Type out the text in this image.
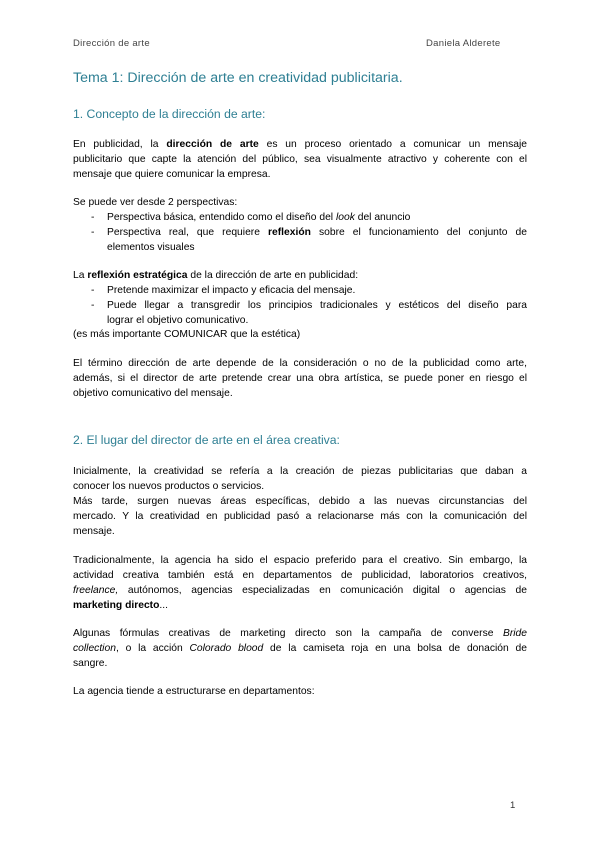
Dirección de arte	Daniela Alderete
Tema 1: Dirección de arte en creatividad publicitaria.
1. Concepto de la dirección de arte:
En publicidad, la dirección de arte es un proceso orientado a comunicar un mensaje
publicitario que capte la atención del público, sea visualmente atractivo y coherente con el
mensaje que quiere comunicar la empresa.
Se puede ver desde 2 perspectivas:
- Perspectiva básica, entendido como el diseño del look del anuncio
- Perspectiva real, que requiere reflexión sobre el funcionamiento del conjunto de
elementos visuales
La reflexión estratégica de la dirección de arte en publicidad:
- Pretende maximizar el impacto y eficacia del mensaje.
- Puede llegar a transgredir los principios tradicionales y estéticos del diseño para
lograr el objetivo comunicativo.
(es más importante COMUNICAR que la estética)
El término dirección de arte depende de la consideración o no de la publicidad como arte,
además, si el director de arte pretende crear una obra artística, se puede poner en riesgo el
objetivo comunicativo del mensaje.
2. El lugar del director de arte en el área creativa:
Inicialmente, la creatividad se refería a la creación de piezas publicitarias que daban a
conocer los nuevos productos o servicios.
Más tarde, surgen nuevas áreas específicas, debido a las nuevas circunstancias del
mercado. Y la creatividad en publicidad pasó a relacionarse más con la comunicación del
mensaje.
Tradicionalmente, la agencia ha sido el espacio preferido para el creativo. Sin embargo, la
actividad creativa también está en departamentos de publicidad, laboratorios creativos,
freelance, autónomos, agencias especializadas en comunicación digital o agencias de
marketing directo...
Algunas fórmulas creativas de marketing directo son la campaña de converse Bride
collection, o la acción Colorado blood de la camiseta roja en una bolsa de donación de
sangre.
La agencia tiende a estructurarse en departamentos:
1
